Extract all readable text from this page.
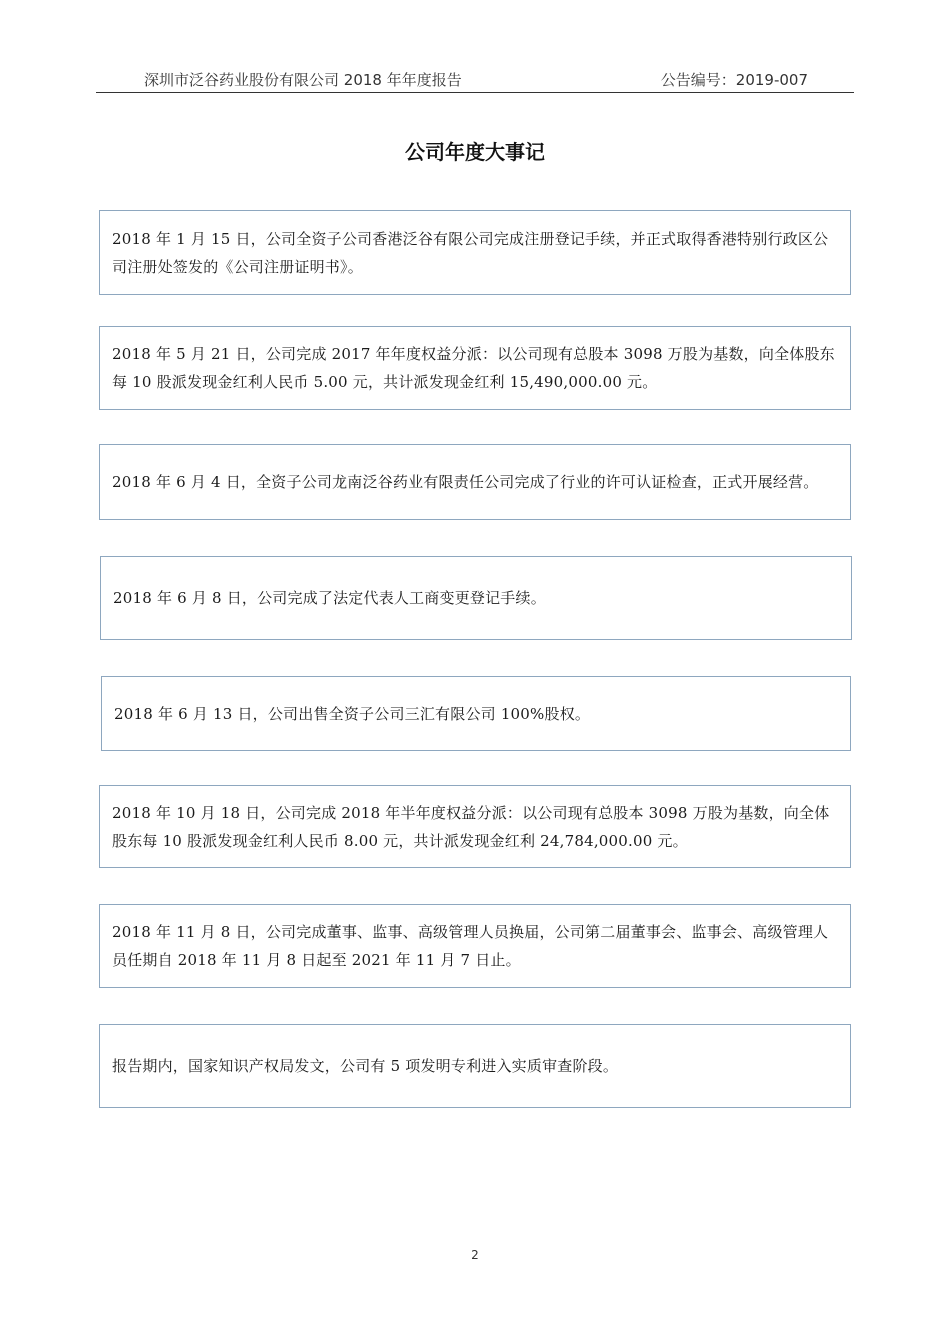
深圳市泛谷药业股份有限公司 2018 年年度报告	公告编号：2019-007
公司年度大事记
2018 年 1 月 15 日，公司全资子公司香港泛谷有限公司完成注册登记手续，并正式取得香港特别行政区公司注册处签发的《公司注册证明书》。
2018 年 5 月 21 日，公司完成 2017 年年度权益分派：以公司现有总股本 3098 万股为基数，向全体股东每 10 股派发现金红利人民币 5.00 元，共计派发现金红利 15,490,000.00 元。
2018 年 6 月 4 日，全资子公司龙南泛谷药业有限责任公司完成了行业的许可认证检查，正式开展经营。
2018 年 6 月 8 日，公司完成了法定代表人工商变更登记手续。
2018 年 6 月 13 日，公司出售全资子公司三汇有限公司 100%股权。
2018 年 10 月 18 日，公司完成 2018 年半年度权益分派：以公司现有总股本 3098 万股为基数，向全体股东每 10 股派发现金红利人民币 8.00 元，共计派发现金红利 24,784,000.00 元。
2018 年 11 月 8 日，公司完成董事、监事、高级管理人员换届，公司第二届董事会、监事会、高级管理人员任期自 2018 年 11 月 8 日起至 2021 年 11 月 7 日止。
报告期内，国家知识产权局发文，公司有 5 项发明专利进入实质审查阶段。
2
